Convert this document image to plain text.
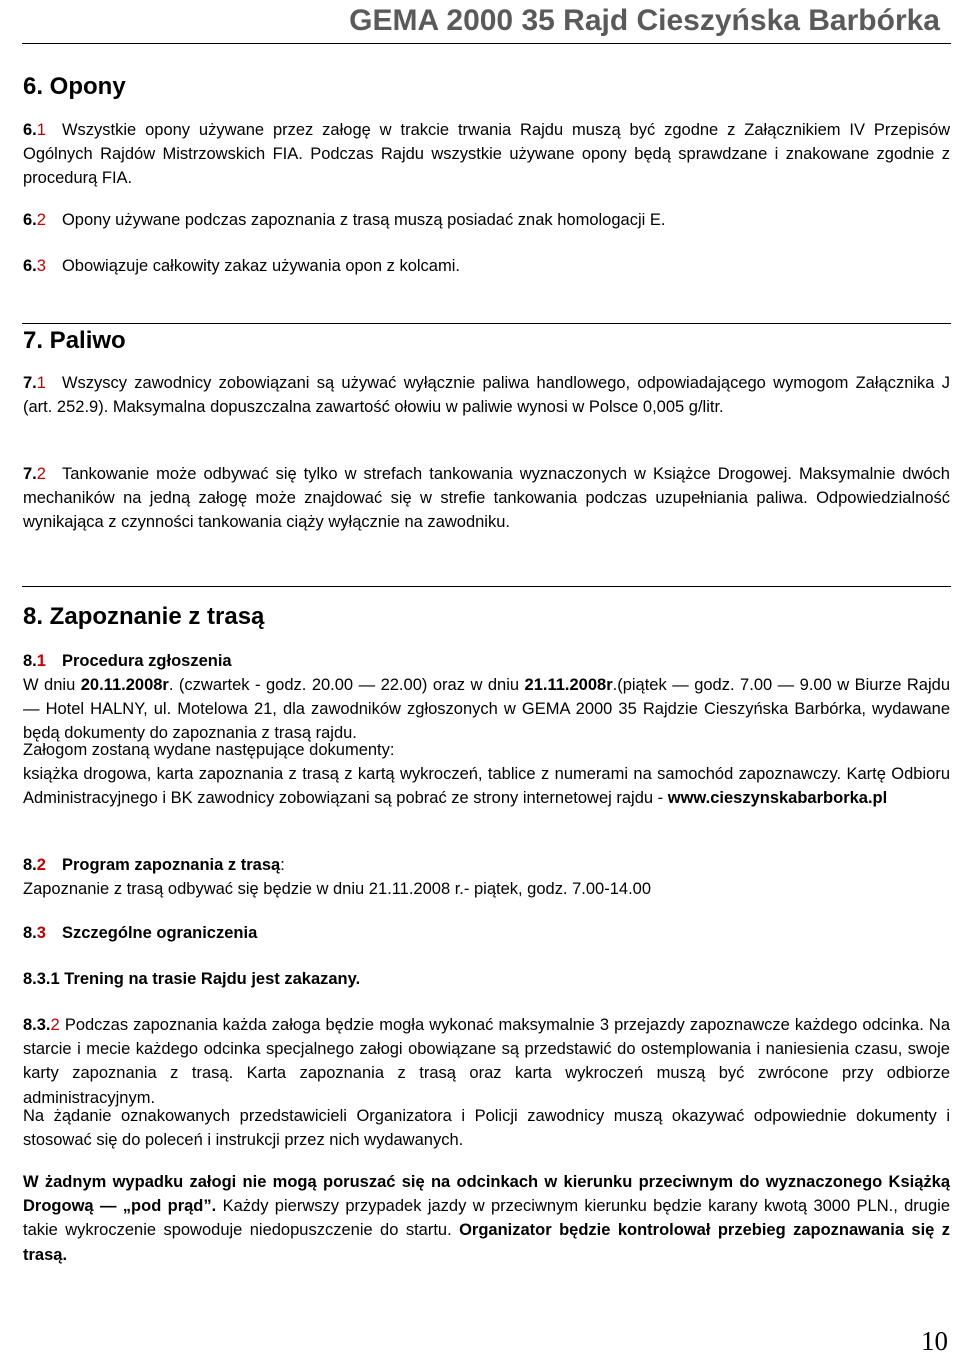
GEMA 2000 35 Rajd Cieszyńska Barbórka
6. Opony
6.1 Wszystkie opony używane przez załogę w trakcie trwania Rajdu muszą być zgodne z Załącznikiem IV Przepisów Ogólnych Rajdów Mistrzowskich FIA. Podczas Rajdu wszystkie używane opony będą sprawdzane i znakowane zgodnie z procedurą FIA.
6.2 Opony używane podczas zapoznania z trasą muszą posiadać znak homologacji E.
6.3 Obowiązuje całkowity zakaz używania opon z kolcami.
7. Paliwo
7.1 Wszyscy zawodnicy zobowiązani są używać wyłącznie paliwa handlowego, odpowiadającego wymogom Załącznika J (art. 252.9). Maksymalna dopuszczalna zawartość ołowiu w paliwie wynosi w Polsce 0,005 g/litr.
7.2 Tankowanie może odbywać się tylko w strefach tankowania wyznaczonych w Książce Drogowej. Maksymalnie dwóch mechaników na jedną załogę może znajdować się w strefie tankowania podczas uzupełniania paliwa. Odpowiedzialność wynikająca z czynności tankowania ciąży wyłącznie na zawodniku.
8. Zapoznanie z trasą
8.1 Procedura zgłoszenia
W dniu 20.11.2008r. (czwartek - godz. 20.00 — 22.00) oraz w dniu 21.11.2008r.(piątek — godz. 7.00 — 9.00 w Biurze Rajdu — Hotel HALNY, ul. Motelowa 21, dla zawodników zgłoszonych w GEMA 2000 35 Rajdzie Cieszyńska Barbórka, wydawane będą dokumenty do zapoznania z trasą rajdu.
Załogom zostaną wydane następujące dokumenty:
książka drogowa, karta zapoznania z trasą z kartą wykroczeń, tablice z numerami na samochód zapoznawczy. Kartę Odbioru Administracyjnego i BK zawodnicy zobowiązani są pobrać ze strony internetowej rajdu - www.cieszynskabarborka.pl
8.2 Program zapoznania z trasą:
Zapoznanie z trasą odbywać się będzie w dniu 21.11.2008 r.- piątek, godz. 7.00-14.00
8.3 Szczególne ograniczenia
8.3.1 Trening na trasie Rajdu jest zakazany.
8.3.2 Podczas zapoznania każda załoga będzie mogła wykonać maksymalnie 3 przejazdy zapoznawcze każdego odcinka. Na starcie i mecie każdego odcinka specjalnego załogi obowiązane są przedstawić do ostemplowania i naniesienia czasu, swoje karty zapoznania z trasą. Karta zapoznania z trasą oraz karta wykroczeń muszą być zwrócone przy odbiorze administracyjnym.
Na żądanie oznakowanych przedstawicieli Organizatora i Policji zawodnicy muszą okazywać odpowiednie dokumenty i stosować się do poleceń i instrukcji przez nich wydawanych.
W żadnym wypadku załogi nie mogą poruszać się na odcinkach w kierunku przeciwnym do wyznaczonego Książką Drogową — „pod prąd”. Każdy pierwszy przypadek jazdy w przeciwnym kierunku będzie karany kwotą 3000 PLN., drugie takie wykroczenie spowoduje niedopuszczenie do startu. Organizator będzie kontrolował przebieg zapoznawania się z trasą.
10
